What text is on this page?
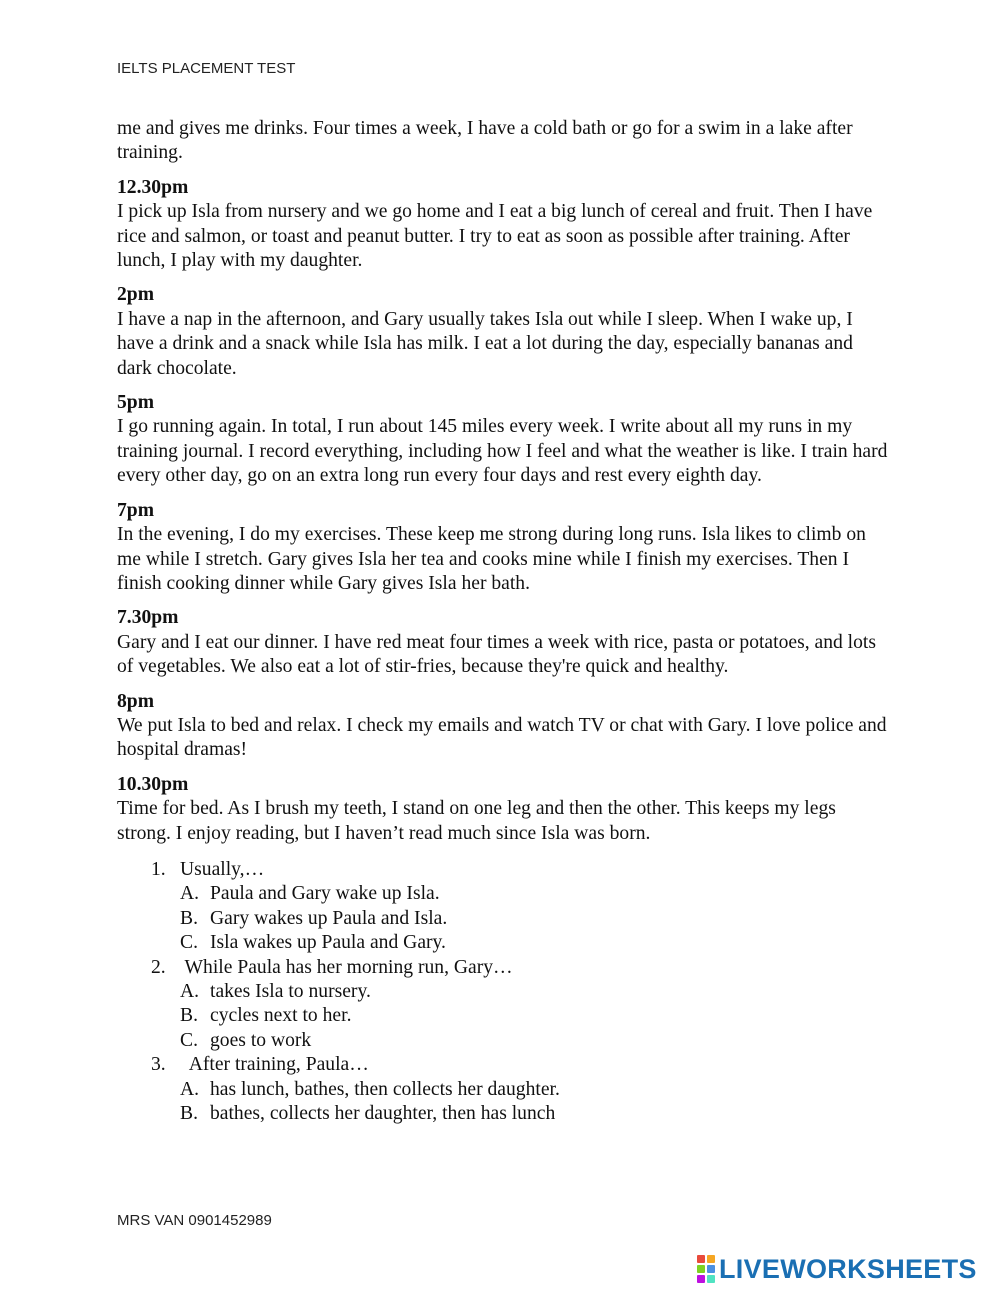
IELTS PLACEMENT TEST

me and gives me drinks. Four times a week, I have a cold bath or go for a swim in a lake after training.

12.30pm

I pick up Isla from nursery and we go home and I eat a big lunch of cereal and fruit. Then I have rice and salmon, or toast and peanut butter. I try to eat as soon as possible after training. After lunch, I play with my daughter.

2pm

I have a nap in the afternoon, and Gary usually takes Isla out while I sleep. When I wake up, I have a drink and a snack while Isla has milk. I eat a lot during the day, especially bananas and dark chocolate.

5pm

I go running again. In total, I run about 145 miles every week. I write about all my runs in my training journal. I record everything, including how I feel and what the weather is like. I train hard every other day, go on an extra long run every four days and rest every eighth day.

7pm

In the evening, I do my exercises. These keep me strong during long runs. Isla likes to climb on me while I stretch. Gary gives Isla her tea and cooks mine while I finish my exercises. Then I finish cooking dinner while Gary gives Isla her bath.

7.30pm

Gary and I eat our dinner. I have red meat four times a week with rice, pasta or potatoes, and lots of vegetables. We also eat a lot of stir-fries, because they're quick and healthy.

8pm

We put Isla to bed and relax. I check my emails and watch TV or chat with Gary. I love police and hospital dramas!

10.30pm

Time for bed. As I brush my teeth, I stand on one leg and then the other. This keeps my legs strong. I enjoy reading, but I haven’t read much since Isla was born.

1. Usually,…
A. Paula and Gary wake up Isla.
B. Gary wakes up Paula and Isla.
C. Isla wakes up Paula and Gary.
2. While Paula has her morning run, Gary…
A. takes Isla to nursery.
B. cycles next to her.
C. goes to work
3. After training, Paula…
A. has lunch, bathes, then collects her daughter.
B. bathes, collects her daughter, then has lunch
MRS VAN 0901452989
LIVEWORKSHEETS
